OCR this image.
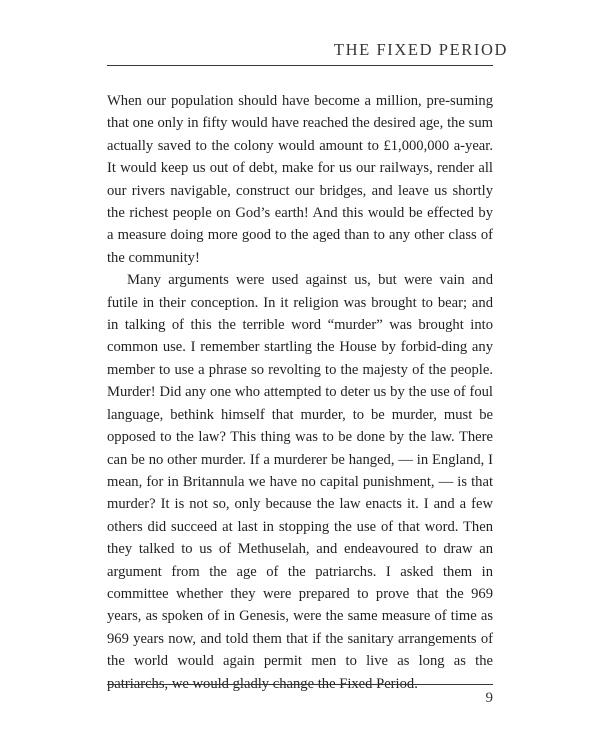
THE FIXED PERIOD

When our population should have become a million, pre-suming that one only in fifty would have reached the desired age, the sum actually saved to the colony would amount to £1,000,000 a-year. It would keep us out of debt, make for us our railways, render all our rivers navigable, construct our bridges, and leave us shortly the richest people on God’s earth! And this would be effected by a measure doing more good to the aged than to any other class of the community!

Many arguments were used against us, but were vain and futile in their conception. In it religion was brought to bear; and in talking of this the terrible word “murder” was brought into common use. I remember startling the House by forbid-ding any member to use a phrase so revolting to the majesty of the people. Murder! Did any one who attempted to deter us by the use of foul language, bethink himself that murder, to be murder, must be opposed to the law? This thing was to be done by the law. There can be no other murder. If a murderer be hanged, — in England, I mean, for in Britannula we have no capital punishment, — is that murder? It is not so, only because the law enacts it. I and a few others did succeed at last in stopping the use of that word. Then they talked to us of Methuselah, and endeavoured to draw an argument from the age of the patriarchs. I asked them in committee whether they were prepared to prove that the 969 years, as spoken of in Genesis, were the same measure of time as 969 years now, and told them that if the sanitary arrangements of the world would again permit men to live as long as the patriarchs, we would gladly change the Fixed Period.

9
